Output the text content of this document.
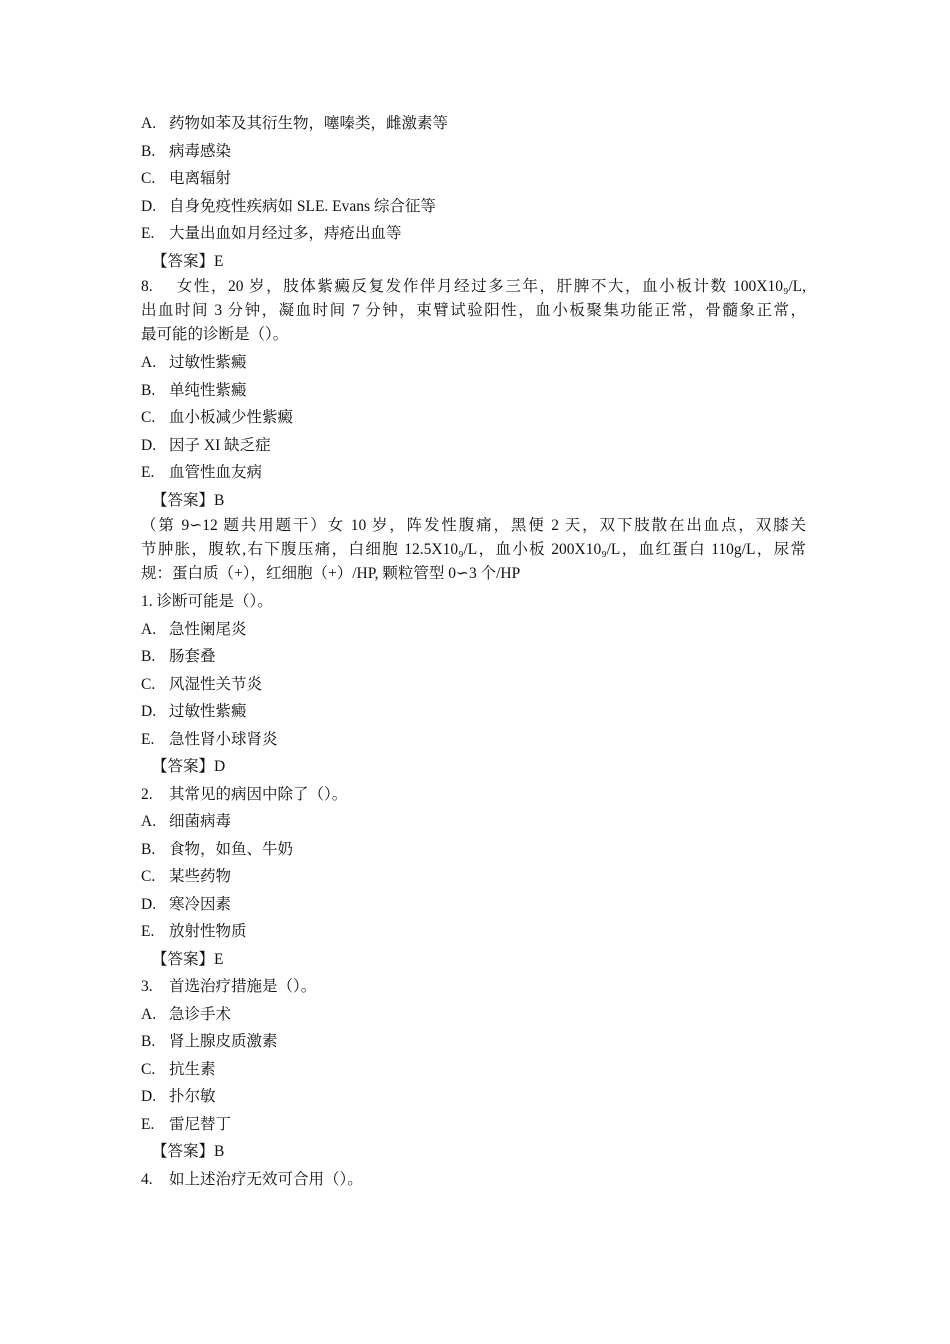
A. 药物如苯及其衍生物，噻嗪类，雌激素等
B. 病毒感染
C. 电离辐射
D. 自身免疫性疾病如 SLE. Evans 综合征等
E. 大量出血如月经过多，痔疮出血等
【答案】E
8.　 女性，20 岁，肢体紫癜反复发作伴月经过多三年，肝脾不大，血小板计数 100X10₉/L,
出血时间 3 分钟，凝血时间 7 分钟，束臂试验阳性，血小板聚集功能正常，骨髓象正常，
最可能的诊断是（）。
A. 过敏性紫癜
B. 单纯性紫癜
C. 血小板减少性紫癜
D. 因子 XI 缺乏症
E. 血管性血友病
【答案】B
（第 9∽12 题共用题干）女 10 岁，阵发性腹痛，黑便 2 天，双下肢散在出血点，双膝关
节肿胀，腹软,右下腹压痛，白细胞 12.5X10₉/L，血小板 200X10₉/L，血红蛋白 110g/L，尿常
规：蛋白质（+），红细胞（+）/HP, 颗粒管型 0∽3 个/HP
1. 诊断可能是（）。
A. 急性阑尾炎
B. 肠套叠
C. 风湿性关节炎
D. 过敏性紫癜
E. 急性肾小球肾炎
【答案】D
2. 其常见的病因中除了（）。
A. 细菌病毒
B. 食物，如鱼、牛奶
C. 某些药物
D. 寒冷因素
E. 放射性物质
【答案】E
3. 首选治疗措施是（）。
A. 急诊手术
B. 肾上腺皮质激素
C. 抗生素
D. 扑尔敏
E. 雷尼替丁
【答案】B
4. 如上述治疗无效可合用（）。
